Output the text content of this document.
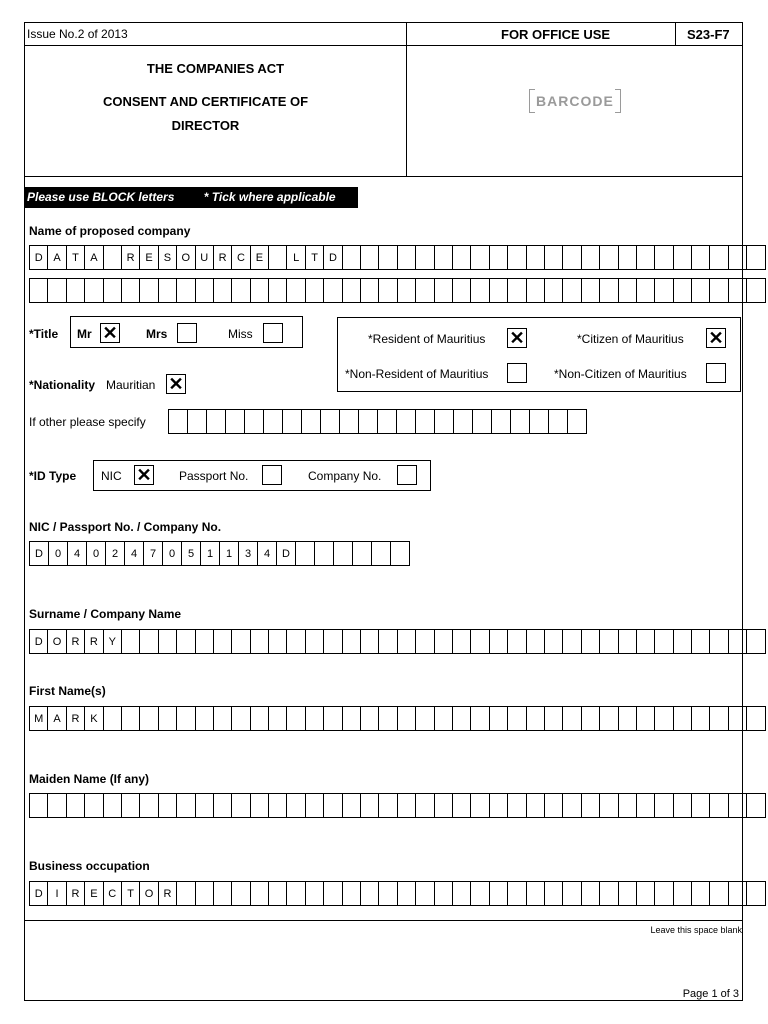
Issue No.2 of 2013	FOR OFFICE USE	S23-F7
THE COMPANIES ACT
CONSENT AND CERTIFICATE OF
DIRECTOR
BARCODE
Please use BLOCK letters * Tick where applicable
Name of proposed company
D A	T	A	R E	S O U R C E	L	T	D
*Title Mr ✕ Mrs	Miss	*Resident of Mauritius ✕	*Citizen of Mauritius ✕
*Non-Resident of Mauritius	*Non-Citizen of Mauritius
*Nationality Mauritian ✕
If other please specify
*ID Type NIC ✕ Passport No.	Company No.
NIC / Passport No. / Company No.
D	0	4	0	2	4	7	0	5	1	1	3	4	D
Surname / Company Name
D O R R Y
First Name(s)
M A R K
Maiden Name (If any)
Business occupation
D	I	R E C	T O R
Leave this space blank
Page 1 of 3
